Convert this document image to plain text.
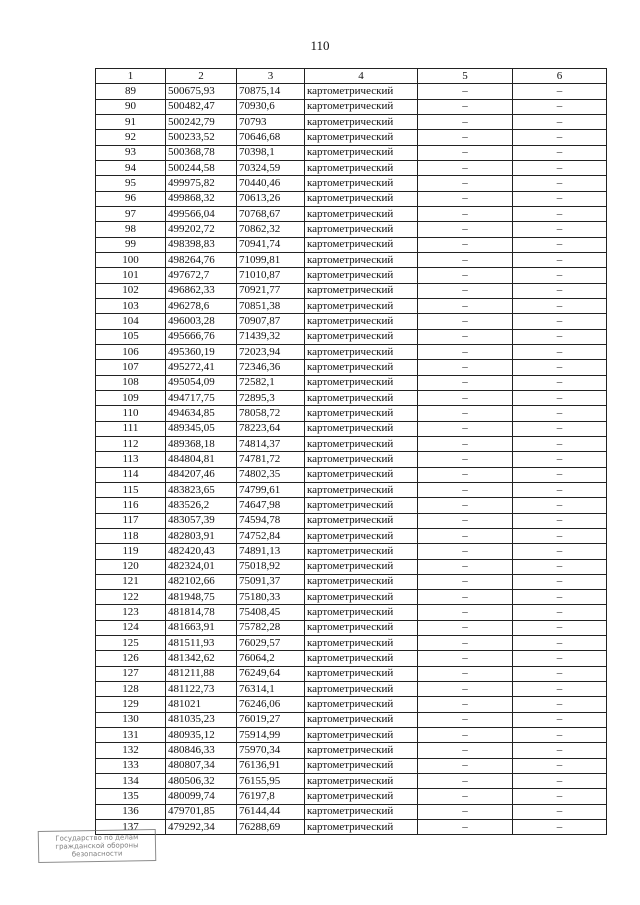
110
1	2	3	4	5	6
89	500675,93	70875,14	картометрический	–	–
90	500482,47	70930,6	картометрический	–	–
91	500242,79	70793	картометрический	–	–
92	500233,52	70646,68	картометрический	–	–
93	500368,78	70398,1	картометрический	–	–
94	500244,58	70324,59	картометрический	–	–
95	499975,82	70440,46	картометрический	–	–
96	499868,32	70613,26	картометрический	–	–
97	499566,04	70768,67	картометрический	–	–
98	499202,72	70862,32	картометрический	–	–
99	498398,83	70941,74	картометрический	–	–
100	498264,76	71099,81	картометрический	–	–
101	497672,7	71010,87	картометрический	–	–
102	496862,33	70921,77	картометрический	–	–
103	496278,6	70851,38	картометрический	–	–
104	496003,28	70907,87	картометрический	–	–
105	495666,76	71439,32	картометрический	–	–
106	495360,19	72023,94	картометрический	–	–
107	495272,41	72346,36	картометрический	–	–
108	495054,09	72582,1	картометрический	–	–
109	494717,75	72895,3	картометрический	–	–
110	494634,85	78058,72	картометрический	–	–
111	489345,05	78223,64	картометрический	–	–
112	489368,18	74814,37	картометрический	–	–
113	484804,81	74781,72	картометрический	–	–
114	484207,46	74802,35	картометрический	–	–
115	483823,65	74799,61	картометрический	–	–
116	483526,2	74647,98	картометрический	–	–
117	483057,39	74594,78	картометрический	–	–
118	482803,91	74752,84	картометрический	–	–
119	482420,43	74891,13	картометрический	–	–
120	482324,01	75018,92	картометрический	–	–
121	482102,66	75091,37	картометрический	–	–
122	481948,75	75180,33	картометрический	–	–
123	481814,78	75408,45	картометрический	–	–
124	481663,91	75782,28	картометрический	–	–
125	481511,93	76029,57	картометрический	–	–
126	481342,62	76064,2	картометрический	–	–
127	481211,88	76249,64	картометрический	–	–
128	481122,73	76314,1	картометрический	–	–
129	481021	76246,06	картометрический	–	–
130	481035,23	76019,27	картометрический	–	–
131	480935,12	75914,99	картометрический	–	–
132	480846,33	75970,34	картометрический	–	–
133	480807,34	76136,91	картометрический	–	–
134	480506,32	76155,95	картометрический	–	–
135	480099,74	76197,8	картометрический	–	–
136	479701,85	76144,44	картометрический	–	–
137	479292,34	76288,69	картометрический	–	–
Государство по делам
гражданской обороны
безопасности
